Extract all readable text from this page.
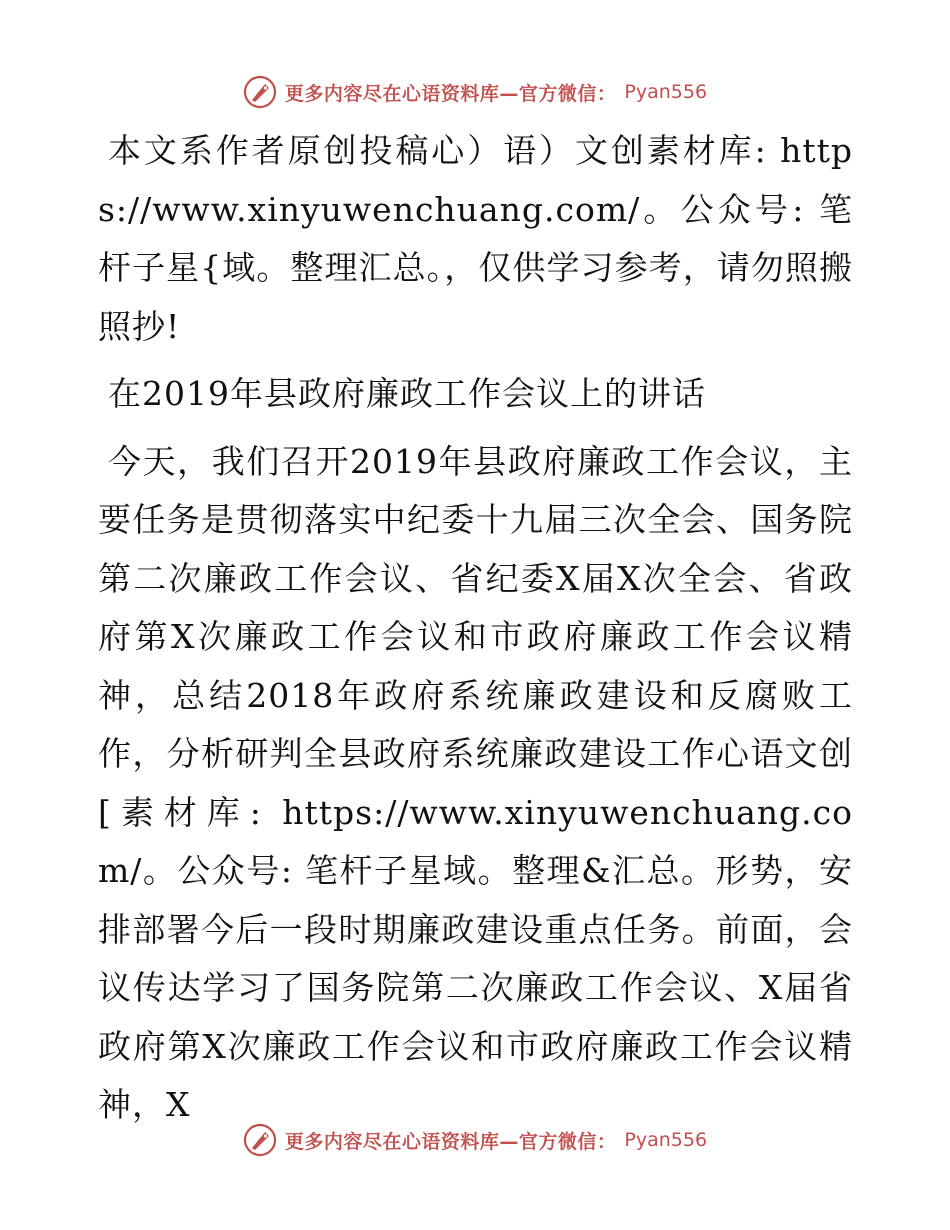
更多内容尽在心语资料库—官方微信： Pyan556

本文系作者原创投稿心）语）文创素材库: https://www.xinyuwenchuang.com/。公众号: 笔杆子星{域。整理汇总。，仅供学习参考，请勿照搬照抄!

在2019年县政府廉政工作会议上的讲话

今天，我们召开2019年县政府廉政工作会议，主要任务是贯彻落实中纪委十九届三次全会、国务院第二次廉政工作会议、省纪委X届X次全会、省政府第X次廉政工作会议和市政府廉政工作会议精神，总结2018年政府系统廉政建设和反腐败工作，分析研判全县政府系统廉政建设工作心语文创[素材库: https://www.xinyuwenchuang.com/。公众号: 笔杆子星域。整理&汇总。形势，安排部署今后一段时期廉政建设重点任务。前面，会议传达学习了国务院第二次廉政工作会议、X届省政府第X次廉政工作会议和市政府廉政工作会议精神，X

更多内容尽在心语资料库—官方微信： Pyan556
